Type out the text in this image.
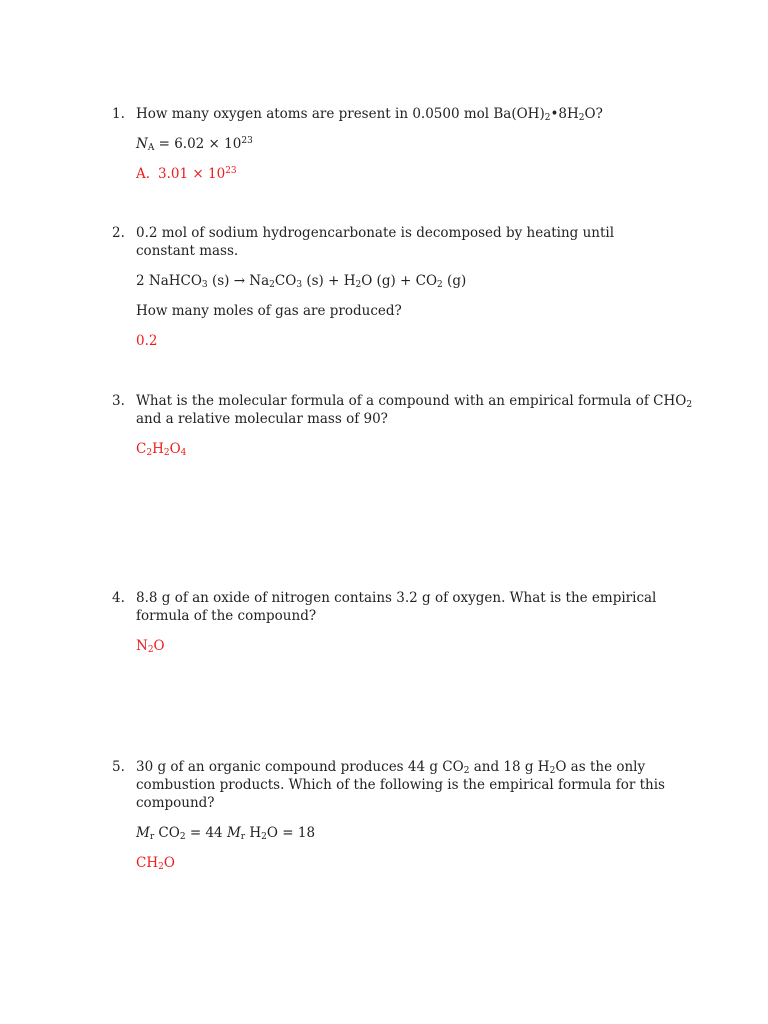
1. How many oxygen atoms are present in 0.0500 mol $Ba(OH)_2•8H_2O$?
$N_A = 6.02 \times 10^{23}$
A. $3.01 \times 10^{23}$
2. 0.2 mol of sodium hydrogencarbonate is decomposed by heating until constant mass.
2 NaHCO$_3$ $(s) \to Na_2CO_3$ $(s) + H_2O$ $(g) + CO_2$ (g)
How many moles of gas are produced?
0.2
3. What is the molecular formula of a compound with an empirical formula of $CHO_2$
and a relative molecular mass of 90?
$C_2H_2O_4$
4. 8.8 g of an oxide of nitrogen contains 3.2 g of oxygen. What is the empirical formula of the compound?
$N_2O$
5. 30 g of an organic compound produces 44 g $CO_2$ and 18 g $H_2O$ as the only
combustion products. Which of the following is the empirical formula for this
compound?
$M_r$ $CO_2 = 44$ $M_r$ $H_2O = 18$
$CH_2O$
